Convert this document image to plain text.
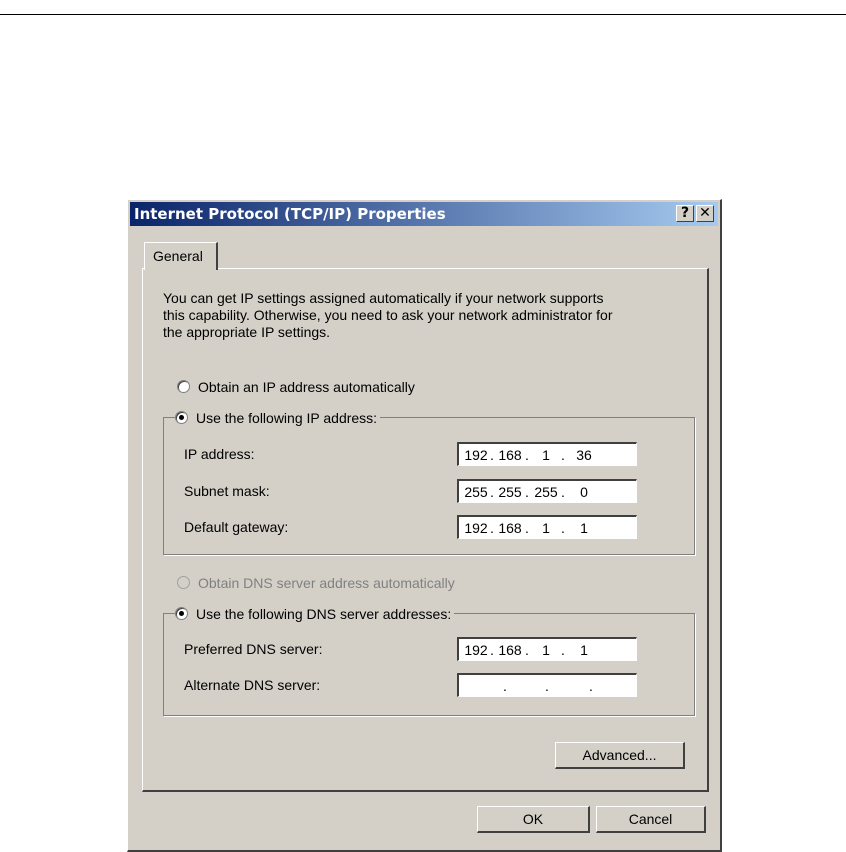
Internet Protocol (TCP/IP) Properties	? ✕
General
You can get IP settings assigned automatically if your network supports
this capability. Otherwise, you need to ask your network administrator for
the appropriate IP settings.
Obtain an IP address automatically
IP address:	192 . 168 . 1 . 36
Subnet mask:	255 . 255 . 255 .	0
Default gateway:	192 . 168 . 1 .	1
Use the following IP address:
Obtain DNS server address automatically
Preferred DNS server:	192 . 168 . 1 .	1
Alternate DNS server:	.	.	.
Use the following DNS server addresses:
Advanced...
OK	Cancel
